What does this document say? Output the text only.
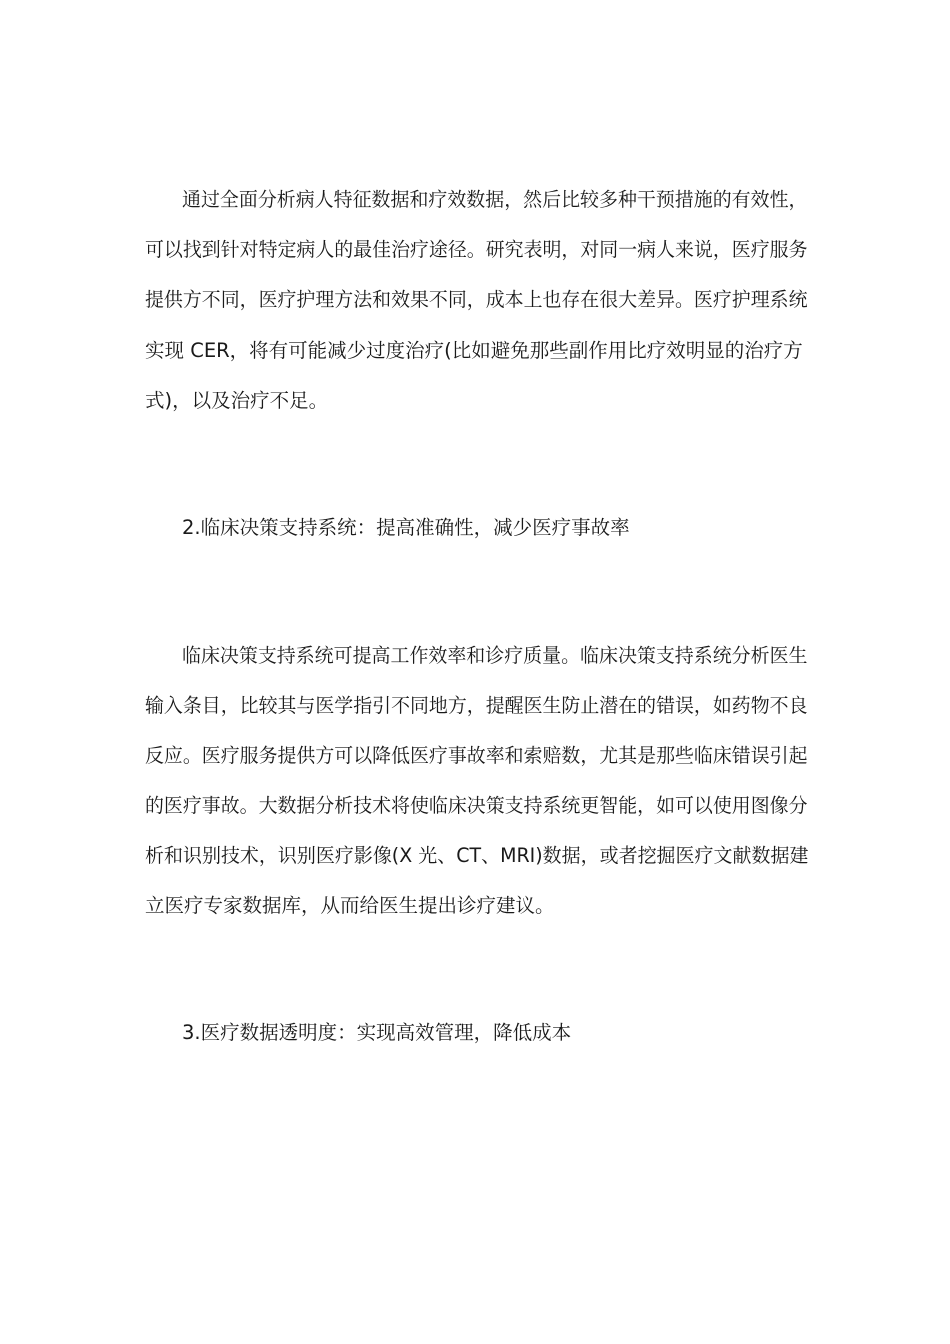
通过全面分析病人特征数据和疗效数据，然后比较多种干预措施的有效性，
可以找到针对特定病人的最佳治疗途径。研究表明，对同一病人来说，医疗服务
提供方不同，医疗护理方法和效果不同，成本上也存在很大差异。医疗护理系统
实现 CER，将有可能减少过度治疗(比如避免那些副作用比疗效明显的治疗方
式)，以及治疗不足。
2.临床决策支持系统：提高准确性，减少医疗事故率
临床决策支持系统可提高工作效率和诊疗质量。临床决策支持系统分析医生
输入条目，比较其与医学指引不同地方，提醒医生防止潜在的错误，如药物不良
反应。医疗服务提供方可以降低医疗事故率和索赔数，尤其是那些临床错误引起
的医疗事故。大数据分析技术将使临床决策支持系统更智能，如可以使用图像分
析和识别技术，识别医疗影像(X 光、CT、MRI)数据，或者挖掘医疗文献数据建
立医疗专家数据库，从而给医生提出诊疗建议。
3.医疗数据透明度：实现高效管理，降低成本
